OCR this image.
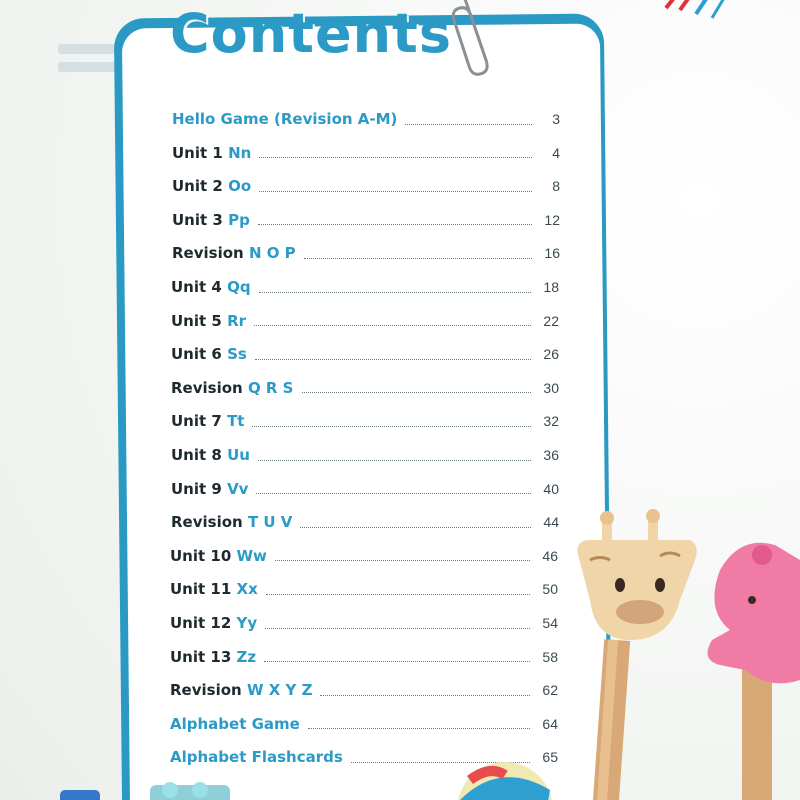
Contents
Hello Game (Revision A-M)	3
Unit 1 Nn	4
Unit 2 Oo	8
Unit 3 Pp	12
Revision N O P	16
Unit 4 Qq	18
Unit 5 Rr	22
Unit 6 Ss	26
Revision Q R S	30
Unit 7 Tt	32
Unit 8 Uu	36
Unit 9 Vv	40
Revision T U V	44
Unit 10 Ww	46
Unit 11 Xx	50
Unit 12 Yy	54
Unit 13 Zz	58
Revision W X Y Z	62
Alphabet Game	64
Alphabet Flashcards	65
